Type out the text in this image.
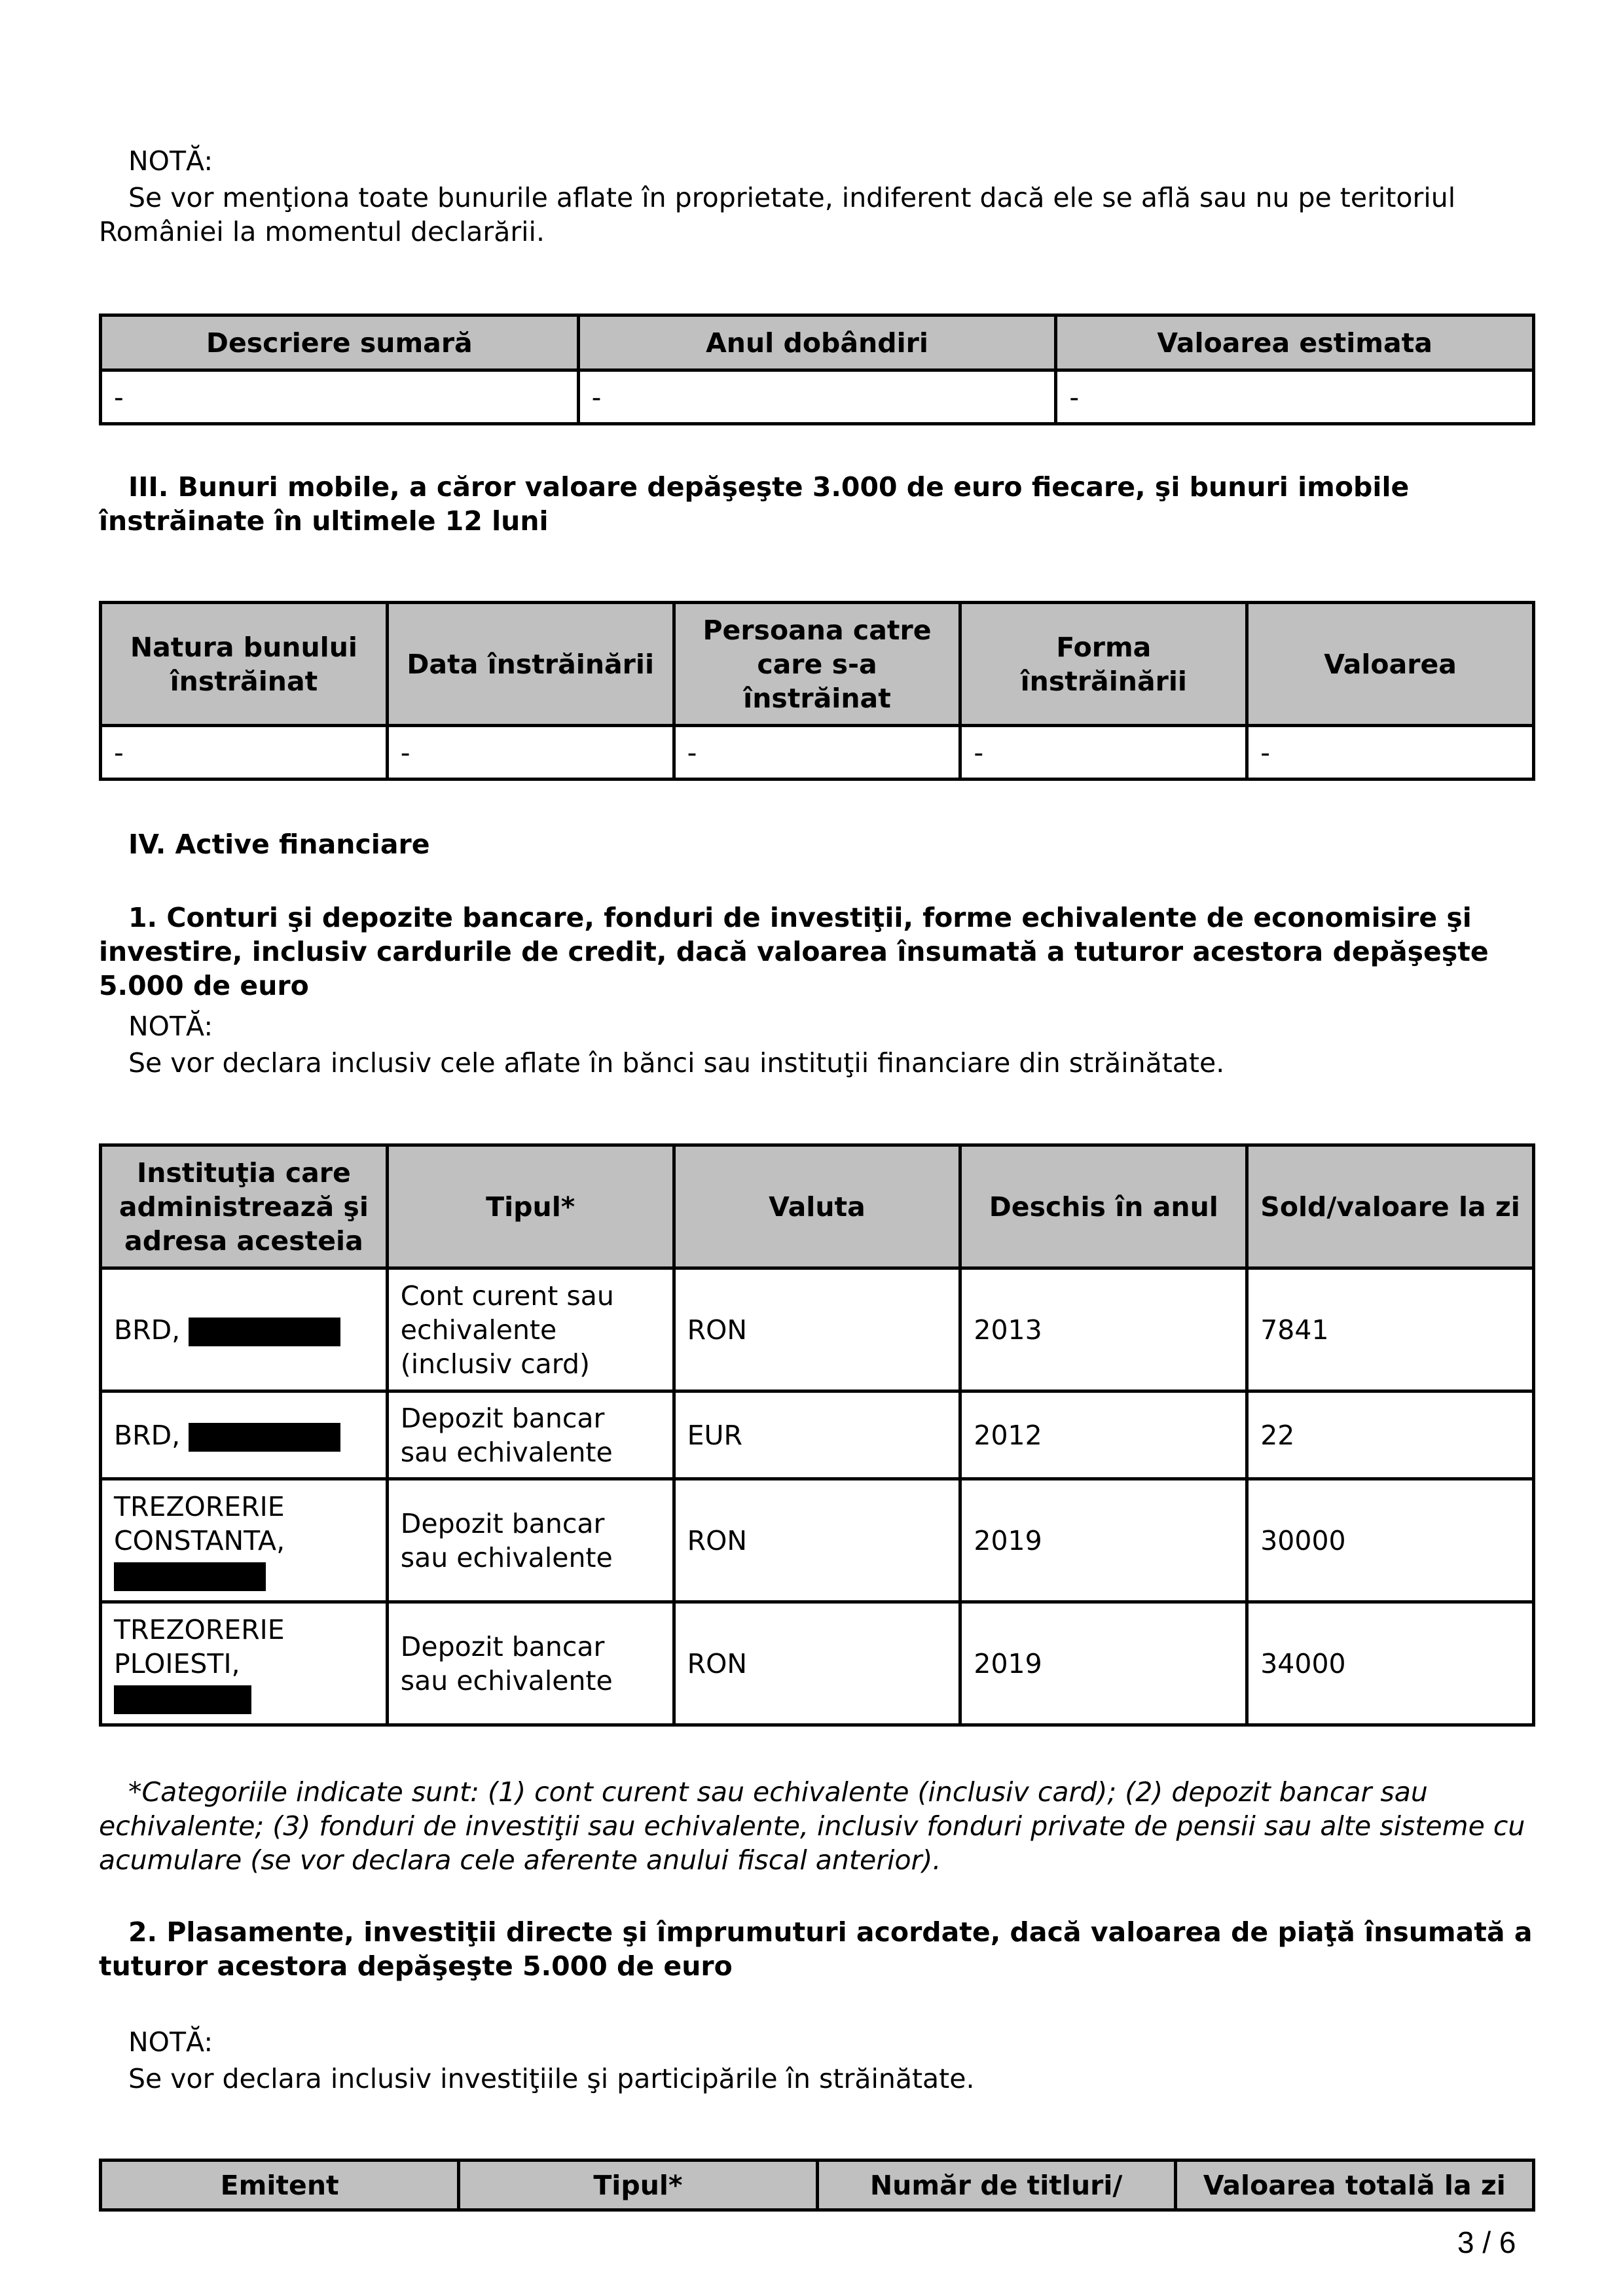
NOTĂ:
Se vor menţiona toate bunurile aflate în proprietate, indiferent dacă ele se află sau nu pe teritoriul României la momentul declarării.
Descriere sumară	Anul dobândiri	Valoarea estimata
-	-	-
III. Bunuri mobile, a căror valoare depăşeşte 3.000 de euro fiecare, şi bunuri imobile înstrăinate în ultimele 12 luni
Natura bunului înstrăinat	Data înstrăinării	Persoana catre care s-a înstrăinat	Forma înstrăinării	Valoarea
-	-	-	-	-
IV. Active financiare
1. Conturi şi depozite bancare, fonduri de investiţii, forme echivalente de economisire şi investire, inclusiv cardurile de credit, dacă valoarea însumată a tuturor acestora depăşeşte 5.000 de euro
NOTĂ:
Se vor declara inclusiv cele aflate în bănci sau instituţii financiare din străinătate.
Instituţia care administrează şi adresa acesteia	Tipul*	Valuta	Deschis în anul	Sold/valoare la zi
BRD,	Cont curent sau echivalente (inclusiv card)	RON	2013	7841
BRD,	Depozit bancar sau echivalente	EUR	2012	22

TREZORERIE
CONSTANTA,	Depozit bancar sau echivalente	RON	2019	30000

TREZORERIE
PLOIESTI,	Depozit bancar sau echivalente	RON	2019	34000
*Categoriile indicate sunt: (1) cont curent sau echivalente (inclusiv card); (2) depozit bancar sau echivalente; (3) fonduri de investiţii sau echivalente, inclusiv fonduri private de pensii sau alte sisteme cu acumulare (se vor declara cele aferente anului fiscal anterior).
2. Plasamente, investiţii directe şi împrumuturi acordate, dacă valoarea de piaţă însumată a tuturor acestora depăşeşte 5.000 de euro
NOTĂ:
Se vor declara inclusiv investiţiile şi participările în străinătate.
Emitent	Tipul*	Număr de titluri/	Valoarea totală la zi
3 / 6
